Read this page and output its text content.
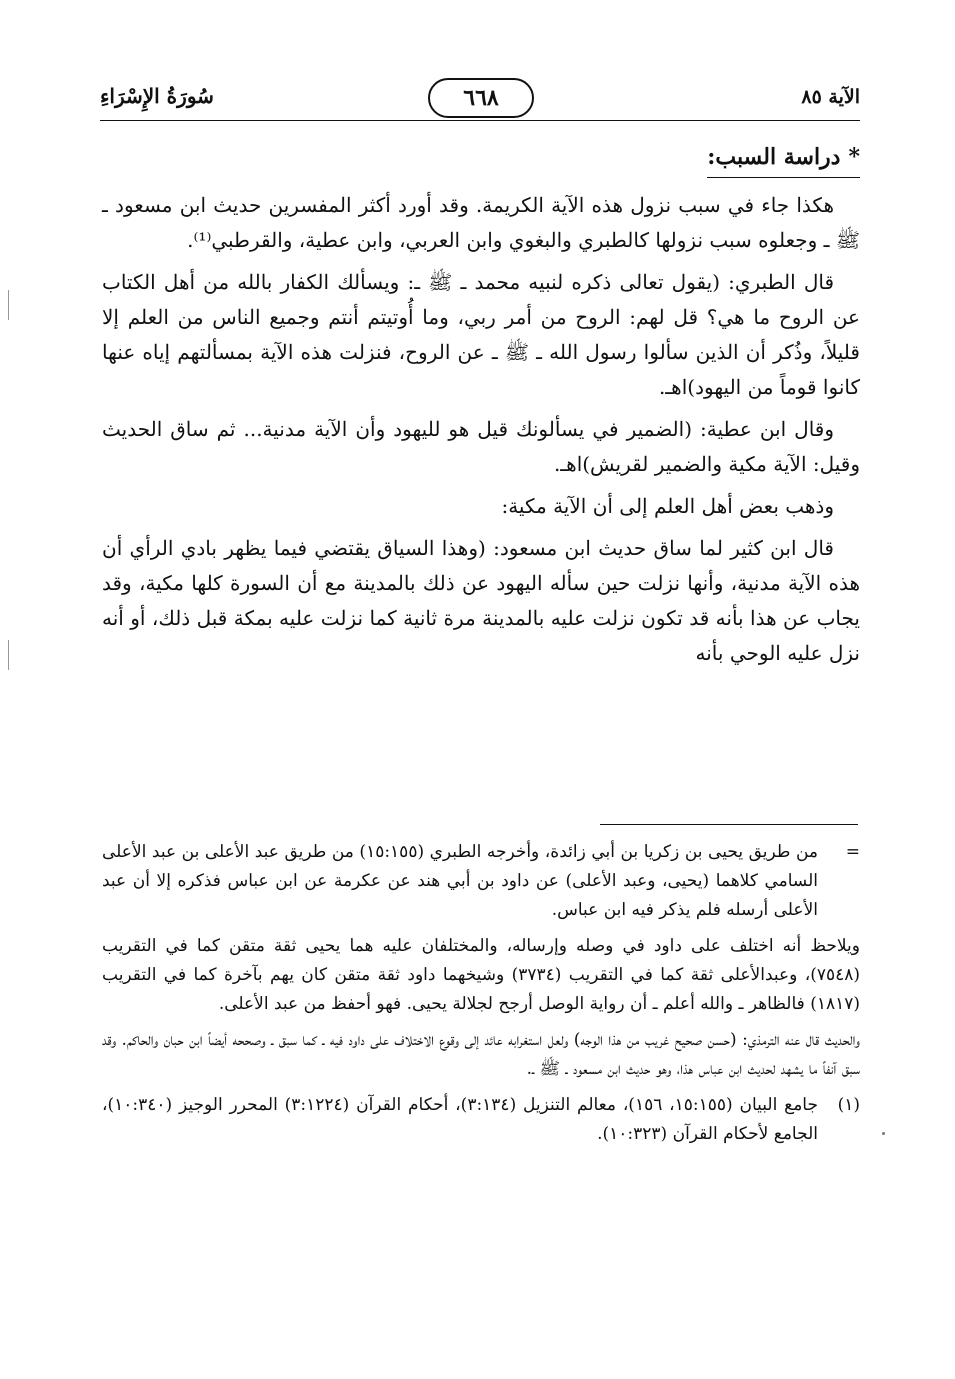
الآية ٨٥
٦٦٨
سُورَةُ الإِسْرَاءِ
*دراسة السبب:

هكذا جاء في سبب نزول هذه الآية الكريمة. وقد أورد أكثر المفسرين حديث ابن مسعود ـ ﷺ ـ وجعلوه سبب نزولها كالطبري والبغوي وابن العربي، وابن عطية، والقرطبي⁽¹⁾.

قال الطبري: (يقول تعالى ذكره لنبيه محمد ـ ﷺ ـ: ويسألك الكفار بالله من أهل الكتاب عن الروح ما هي؟ قل لهم: الروح من أمر ربي، وما أُوتيتم أنتم وجميع الناس من العلم إلا قليلاً، وذُكر أن الذين سألوا رسول الله ـ ﷺ ـ عن الروح، فنزلت هذه الآية بمسألتهم إياه عنها كانوا قوماً من اليهود)اهـ.

وقال ابن عطية: (الضمير في يسألونك قيل هو لليهود وأن الآية مدنية... ثم ساق الحديث وقيل: الآية مكية والضمير لقريش)اهـ.

وذهب بعض أهل العلم إلى أن الآية مكية:

قال ابن كثير لما ساق حديث ابن مسعود: (وهذا السياق يقتضي فيما يظهر بادي الرأي أن هذه الآية مدنية، وأنها نزلت حين سأله اليهود عن ذلك بالمدينة مع أن السورة كلها مكية، وقد يجاب عن هذا بأنه قد تكون نزلت عليه بالمدينة مرة ثانية كما نزلت عليه بمكة قبل ذلك، أو أنه نزل عليه الوحي بأنه

=
من طريق يحيى بن زكريا بن أبي زائدة، وأخرجه الطبري (١٥:١٥٥) من طريق عبد الأعلى بن عبد الأعلى السامي كلاهما (يحيى، وعبد الأعلى) عن داود بن أبي هند عن عكرمة عن ابن عباس فذكره إلا أن عبد الأعلى أرسله فلم يذكر فيه ابن عباس.

ويلاحظ أنه اختلف على داود في وصله وإرساله، والمختلفان عليه هما يحيى ثقة متقن كما في التقريب (٧٥٤٨)، وعبدالأعلى ثقة كما في التقريب (٣٧٣٤) وشيخهما داود ثقة متقن كان يهم بآخرة كما في التقريب (١٨١٧) فالظاهر ـ والله أعلم ـ أن رواية الوصل أرجح لجلالة يحيى. فهو أحفظ من عبد الأعلى.

والحديث قال عنه الترمذي: (حسن صحيح غريب من هذا الوجه) ولعل استغرابه عائد إلى وقوع الاختلاف على داود فيه ـ كما سبق ـ وصححه أيضاً ابن حبان والحاكم. وقد سبق آنفاً ما يشهد لحديث ابن عباس هذا، وهو حديث ابن مسعود ـ ﷺ ـ.

(١)
جامع البيان (١٥:١٥٥، ١٥٦)، معالم التنزيل (٣:١٣٤)، أحكام القرآن (٣:١٢٢٤) المحرر الوجيز (١٠:٣٤٠)، الجامع لأحكام القرآن (١٠:٣٢٣).
